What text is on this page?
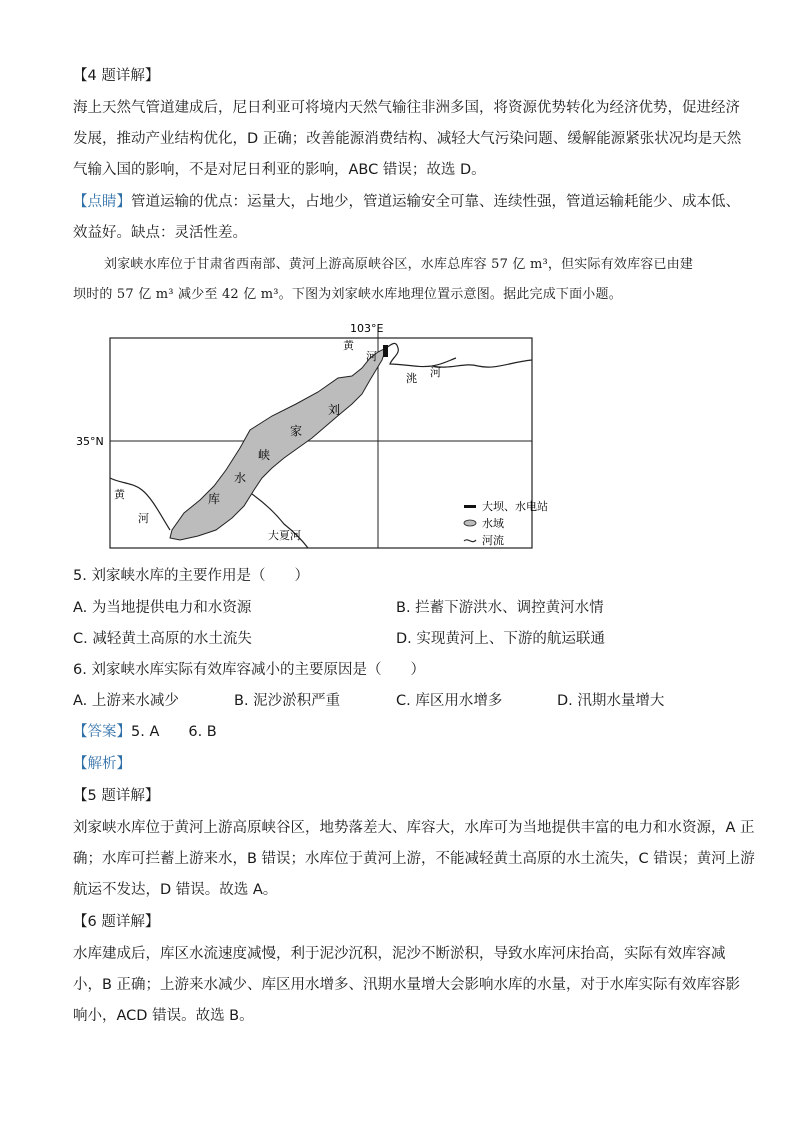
【4 题详解】
海上天然气管道建成后，尼日利亚可将境内天然气输往非洲多国，将资源优势转化为经济优势，促进经济
发展，推动产业结构优化，D 正确；改善能源消费结构、减轻大气污染问题、缓解能源紧张状况均是天然
气输入国的影响，不是对尼日利亚的影响，ABC 错误；故选 D。
【点睛】管道运输的优点：运量大，占地少，管道运输安全可靠、连续性强，管道运输耗能少、成本低、
效益好。缺点：灵活性差。
刘家峡水库位于甘肃省西南部、黄河上游高原峡谷区，水库总库容 57 亿 m³，但实际有效库容已由建
坝时的 57 亿 m³ 减少至 42 亿 m³。下图为刘家峡水库地理位置示意图。据此完成下面小题。
103°E
35°N
刘
家
峡
水
库
黄
河
洮 河
黄
河
大夏河
大坝、水电站
水域
河流
5. 刘家峡水库的主要作用是（　　）
A. 为当地提供电力和水资源	B. 拦蓄下游洪水、调控黄河水情
C. 减轻黄土高原的水土流失	D. 实现黄河上、下游的航运联通
6. 刘家峡水库实际有效库容减小的主要原因是（　　）
A. 上游来水减少	B. 泥沙淤积严重	C. 库区用水增多	D. 汛期水量增大
【答案】5. A　　6. B
【解析】
【5 题详解】
刘家峡水库位于黄河上游高原峡谷区，地势落差大、库容大，水库可为当地提供丰富的电力和水资源，A 正
确；水库可拦蓄上游来水，B 错误；水库位于黄河上游，不能减轻黄土高原的水土流失，C 错误；黄河上游
航运不发达，D 错误。故选 A。
【6 题详解】
水库建成后，库区水流速度减慢，利于泥沙沉积，泥沙不断淤积，导致水库河床抬高，实际有效库容减
小，B 正确；上游来水减少、库区用水增多、汛期水量增大会影响水库的水量，对于水库实际有效库容影
响小，ACD 错误。故选 B。
